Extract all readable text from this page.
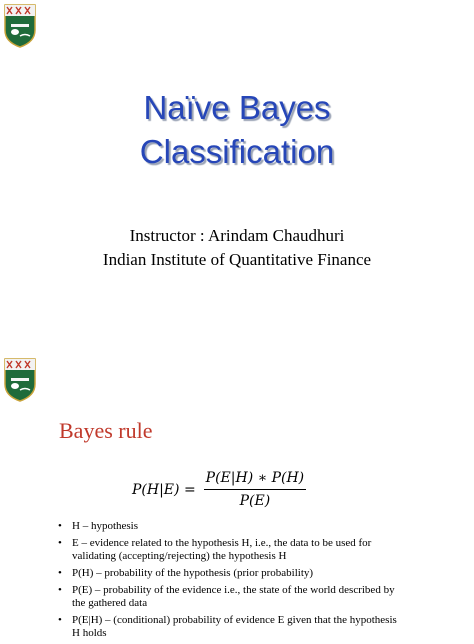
Naïve Bayes
Classification
Instructor : Arindam Chaudhuri
Indian Institute of Quantitative Finance
Bayes rule
$P(H|E) = \frac{P(E|H) ∗ P(H)}{P(E)}$
• H – hypothesis
• E – evidence related to the hypothesis H, i.e., the data to be used for validating (accepting/rejecting) the hypothesis H
• P(H) – probability of the hypothesis (prior probability)
• P(E) – probability of the evidence i.e., the state of the world described by the gathered data
• P(E|H) – (conditional) probability of evidence E given that the hypothesis H holds
